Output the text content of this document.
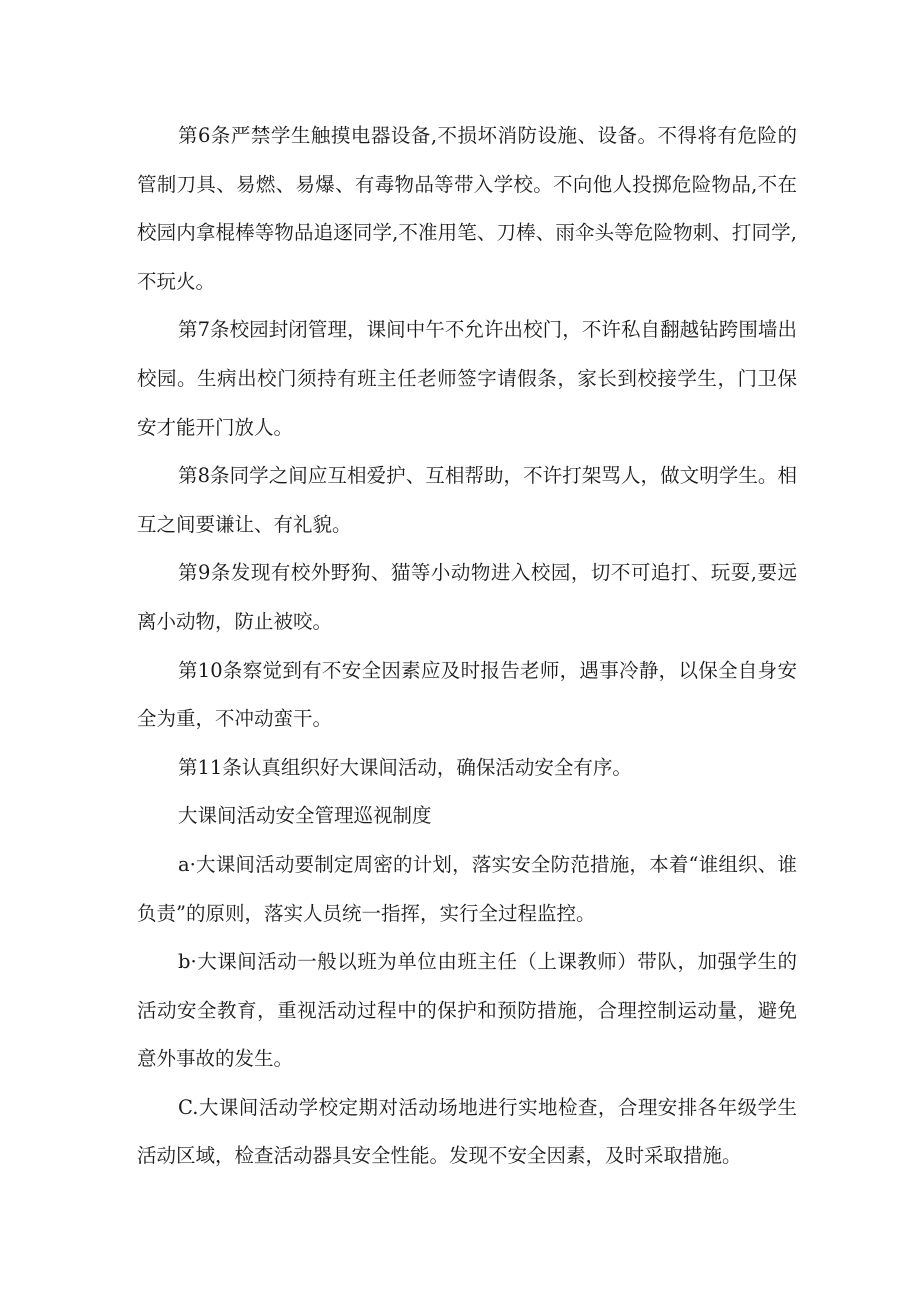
第6条严禁学生触摸电器设备,不损坏消防设施、设备。不得将有危险的管制刀具、易燃、易爆、有毒物品等带入学校。不向他人投掷危险物品,不在校园内拿棍棒等物品追逐同学,不准用笔、刀棒、雨伞头等危险物刺、打同学,不玩火。

第7条校园封闭管理，课间中午不允许出校门，不许私自翻越钻跨围墙出校园。生病出校门须持有班主任老师签字请假条，家长到校接学生，门卫保安才能开门放人。

第8条同学之间应互相爱护、互相帮助，不许打架骂人，做文明学生。相互之间要谦让、有礼貌。

第9条发现有校外野狗、猫等小动物进入校园，切不可追打、玩耍,要远离小动物，防止被咬。

第10条察觉到有不安全因素应及时报告老师，遇事冷静，以保全自身安全为重，不冲动蛮干。

第11条认真组织好大课间活动，确保活动安全有序。

大课间活动安全管理巡视制度

a·大课间活动要制定周密的计划，落实安全防范措施，本着“谁组织、谁负责”的原则，落实人员统一指挥，实行全过程监控。

b·大课间活动一般以班为单位由班主任（上课教师）带队，加强学生的活动安全教育，重视活动过程中的保护和预防措施，合理控制运动量，避免意外事故的发生。

C.大课间活动学校定期对活动场地进行实地检查，合理安排各年级学生活动区域，检查活动器具安全性能。发现不安全因素，及时采取措施。
